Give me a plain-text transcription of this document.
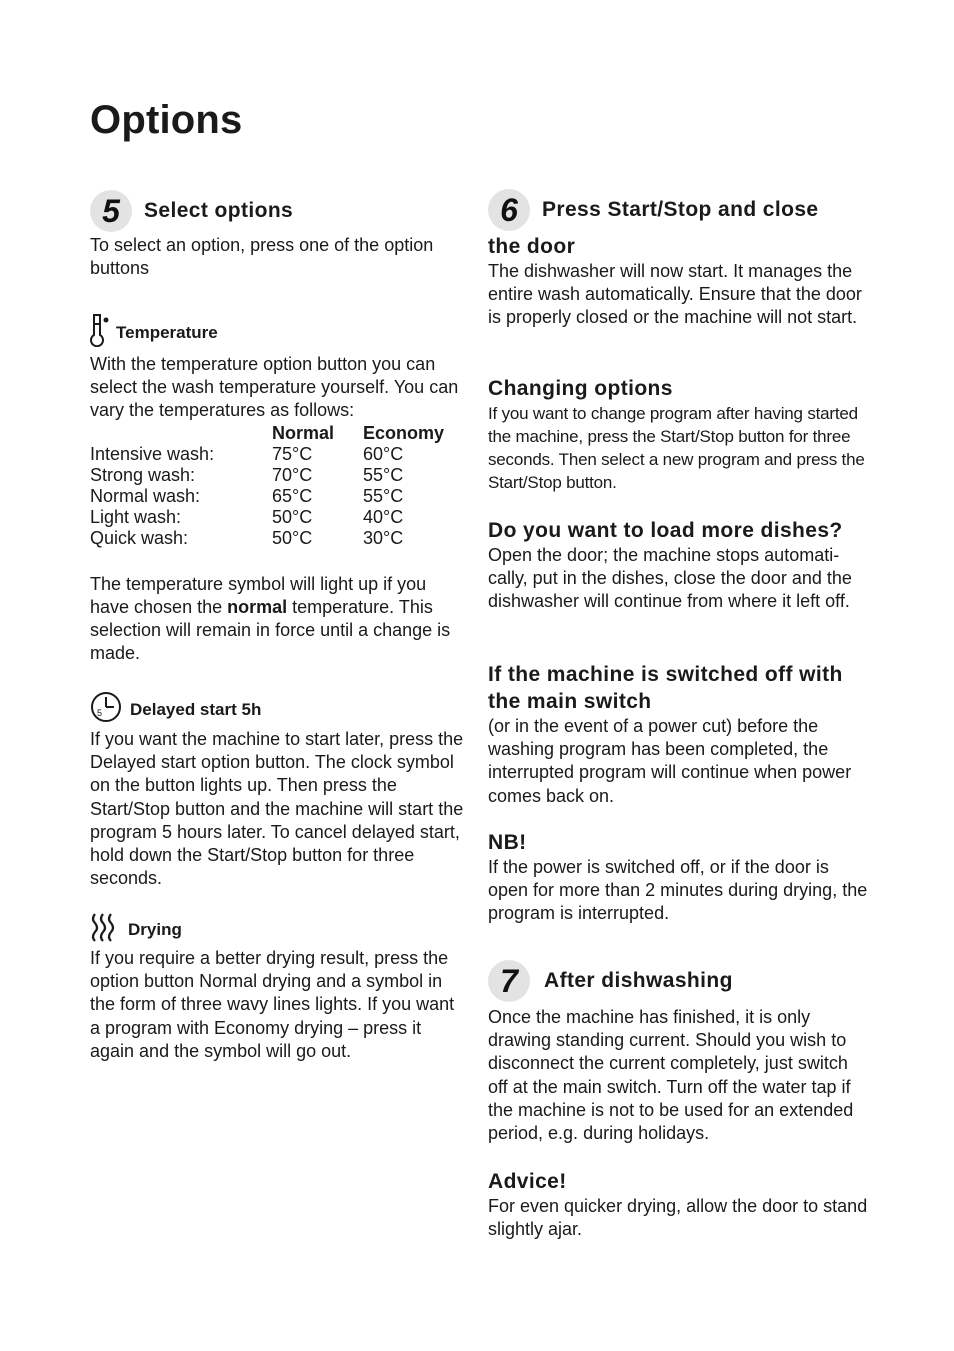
Options
5	Select options

To select an option, press one of the option buttons

Temperature

With the temperature option button you can select the wash temperature yourself. You can vary the temperatures as follows:

	Normal	Economy
Intensive wash:	75°C	60°C
Strong wash:	70°C	55°C
Normal wash:	65°C	55°C
Light wash:	50°C	40°C
Quick wash:	50°C	30°C

The temperature symbol will light up if you have chosen the normal temperature. This selection will remain in force until a change is made.

5 Delayed start 5h

If you want the machine to start later, press the Delayed start option button. The clock symbol on the button lights up. Then press the Start/Stop button and the machine will start the program 5 hours later. To cancel delayed start, hold down the Start/Stop button for three seconds.

Drying

If you require a better drying result, press the option button Normal drying and a symbol in the form of three wavy lines lights. If you want a program with Economy drying – press it again and the symbol will go out.

6	Press Start/Stop and close
the door

The dishwasher will now start. It manages the entire wash automatically. Ensure that the door is properly closed or the machine will not start.

Changing options

If you want to change program after having started the machine, press the Start/Stop button for three seconds. Then select a new program and press the Start/Stop button.

Do you want to load more dishes?

Open the door; the machine stops automati-cally, put in the dishes, close the door and the dishwasher will continue from where it left off.

If the machine is switched off with the main switch

(or in the event of a power cut) before the washing program has been completed, the interrupted program will continue when power comes back on.

NB!

If the power is switched off, or if the door is open for more than 2 minutes during drying, the program is interrupted.

7	After dishwashing

Once the machine has finished, it is only drawing standing current. Should you wish to disconnect the current completely, just switch off at the main switch. Turn off the water tap if the machine is not to be used for an extended period, e.g. during holidays.

Advice!

For even quicker drying, allow the door to stand slightly ajar.
